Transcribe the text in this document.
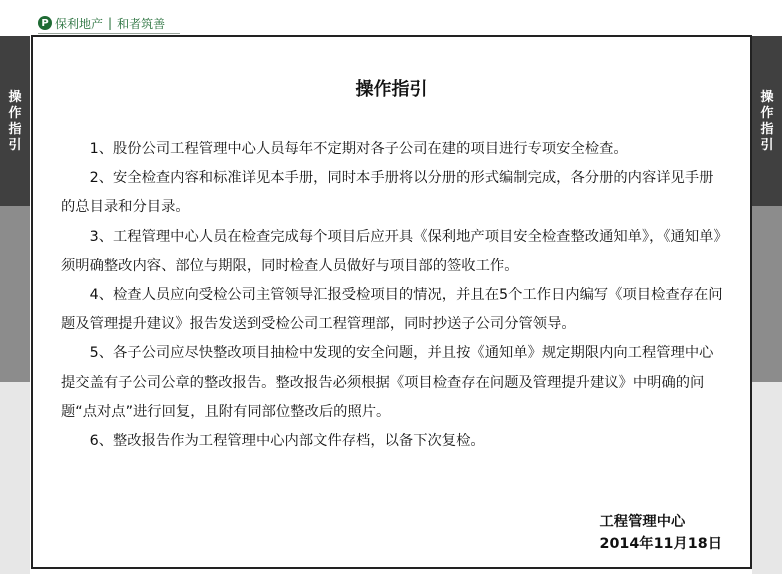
P 保利 地产 | 和者筑善
操作指引
操作指引
操作指引

1、股份公司工程管理中心人员每年不定期对各子公司在建的项目进行专项安全检查。

2、安全检查内容和标准详见本手册，同时本手册将以分册的形式编制完成，各分册的内容详见手册的总目录和分目录。

3、工程管理中心人员在检查完成每个项目后应开具《保利地产项目安全检查整改通知单》，《通知单》须明确整改内容、部位与期限，同时检查人员做好与项目部的签收工作。

4、检查人员应向受检公司主管领导汇报受检项目的情况，并且在5个工作日内编写《项目检查存在问题及管理提升建议》报告发送到受检公司工程管理部，同时抄送子公司分管领导。

5、各子公司应尽快整改项目抽检中发现的安全问题，并且按《通知单》规定期限内向工程管理中心提交盖有子公司公章的整改报告。整改报告必须根据《项目检查存在问题及管理提升建议》中明确的问题“点对点”进行回复，且附有同部位整改后的照片。

6、整改报告作为工程管理中心内部文件存档，以备下次复检。

工程管理中心
2014年11月18日
